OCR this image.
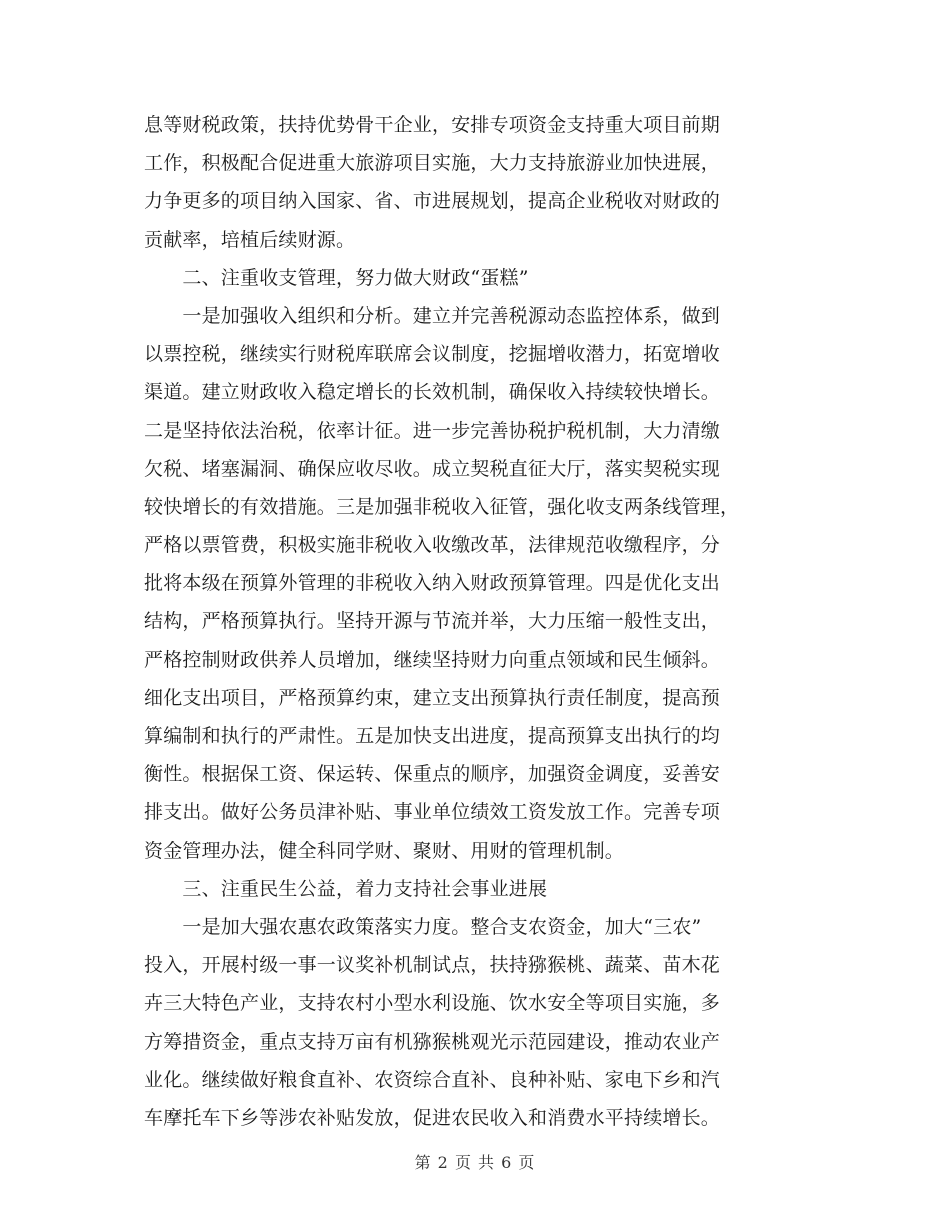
息等财税政策，扶持优势骨干企业，安排专项资金支持重大项目前期
工作，积极配合促进重大旅游项目实施，大力支持旅游业加快进展，
力争更多的项目纳入国家、省、市进展规划，提高企业税收对财政的
贡献率，培植后续财源。
　　二、注重收支管理，努力做大财政“蛋糕”
　　一是加强收入组织和分析。建立并完善税源动态监控体系，做到
以票控税，继续实行财税库联席会议制度，挖掘增收潜力，拓宽增收
渠道。建立财政收入稳定增长的长效机制，确保收入持续较快增长。
二是坚持依法治税，依率计征。进一步完善协税护税机制，大力清缴
欠税、堵塞漏洞、确保应收尽收。成立契税直征大厅，落实契税实现
较快增长的有效措施。三是加强非税收入征管，强化收支两条线管理，
严格以票管费，积极实施非税收入收缴改革，法律规范收缴程序，分
批将本级在预算外管理的非税收入纳入财政预算管理。四是优化支出
结构，严格预算执行。坚持开源与节流并举，大力压缩一般性支出，
严格控制财政供养人员增加，继续坚持财力向重点领域和民生倾斜。
细化支出项目，严格预算约束，建立支出预算执行责任制度，提高预
算编制和执行的严肃性。五是加快支出进度，提高预算支出执行的均
衡性。根据保工资、保运转、保重点的顺序，加强资金调度，妥善安
排支出。做好公务员津补贴、事业单位绩效工资发放工作。完善专项
资金管理办法，健全科同学财、聚财、用财的管理机制。
　　三、注重民生公益，着力支持社会事业进展
　　一是加大强农惠农政策落实力度。整合支农资金，加大“三农”
投入，开展村级一事一议奖补机制试点，扶持猕猴桃、蔬菜、苗木花
卉三大特色产业，支持农村小型水利设施、饮水安全等项目实施，多
方筹措资金，重点支持万亩有机猕猴桃观光示范园建设，推动农业产
业化。继续做好粮食直补、农资综合直补、良种补贴、家电下乡和汽
车摩托车下乡等涉农补贴发放，促进农民收入和消费水平持续增长。
第 2 页 共 6 页
